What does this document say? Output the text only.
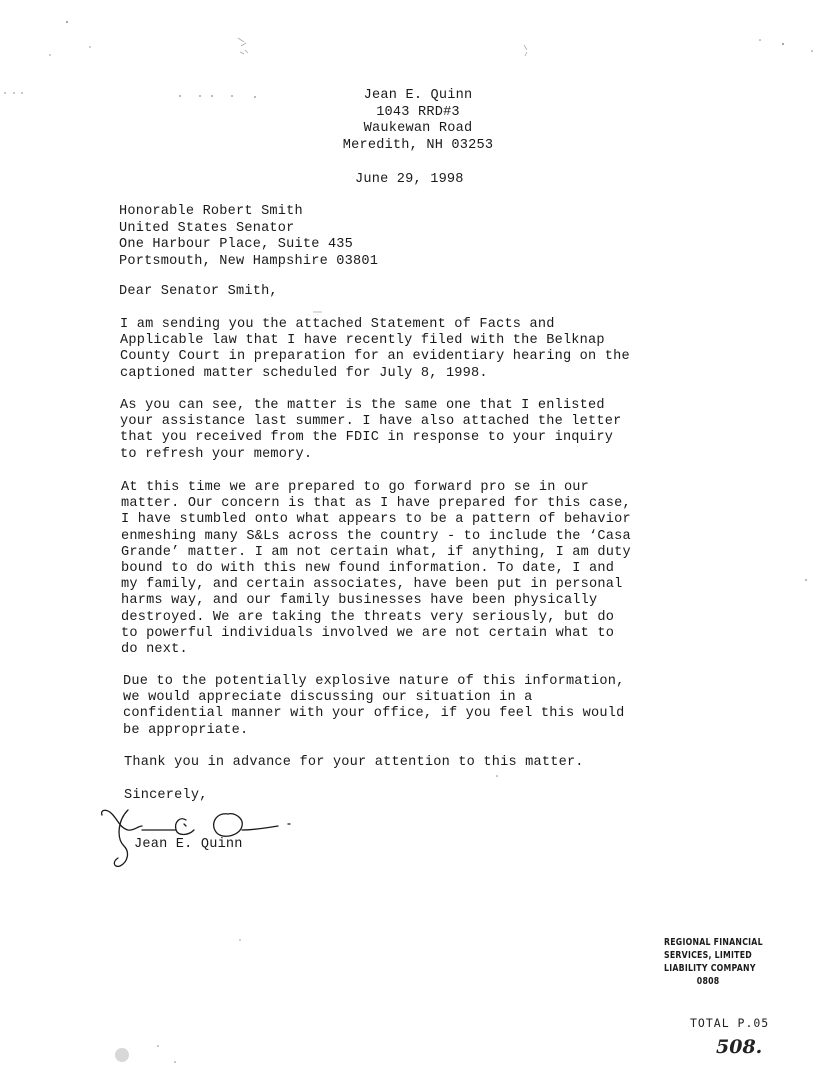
Jean E. Quinn
1043 RRD#3
Waukewan Road
Meredith, NH 03253
June 29, 1998
Honorable Robert Smith
United States Senator
One Harbour Place, Suite 435
Portsmouth, New Hampshire 03801
Dear Senator Smith,
I am sending you the attached Statement of Facts and
Applicable law that I have recently filed with the Belknap
County Court in preparation for an evidentiary hearing on the
captioned matter scheduled for July 8, 1998.
As you can see, the matter is the same one that I enlisted
your assistance last summer. I have also attached the letter
that you received from the FDIC in response to your inquiry
to refresh your memory.
At this time we are prepared to go forward pro se in our
matter. Our concern is that as I have prepared for this case,
I have stumbled onto what appears to be a pattern of behavior
enmeshing many S&Ls across the country - to include the ‘Casa
Grande’ matter. I am not certain what, if anything, I am duty
bound to do with this new found information. To date, I and
my family, and certain associates, have been put in personal
harms way, and our family businesses have been physically
destroyed. We are taking the threats very seriously, but do
to powerful individuals involved we are not certain what to
do next.
Due to the potentially explosive nature of this information,
we would appreciate discussing our situation in a
confidential manner with your office, if you feel this would
be appropriate.
Thank you in advance for your attention to this matter.
Sincerely,
Jean E. Quinn
REGIONAL FINANCIAL
SERVICES, LIMITED
LIABILITY COMPANY
0808
TOTAL P.05
508.
